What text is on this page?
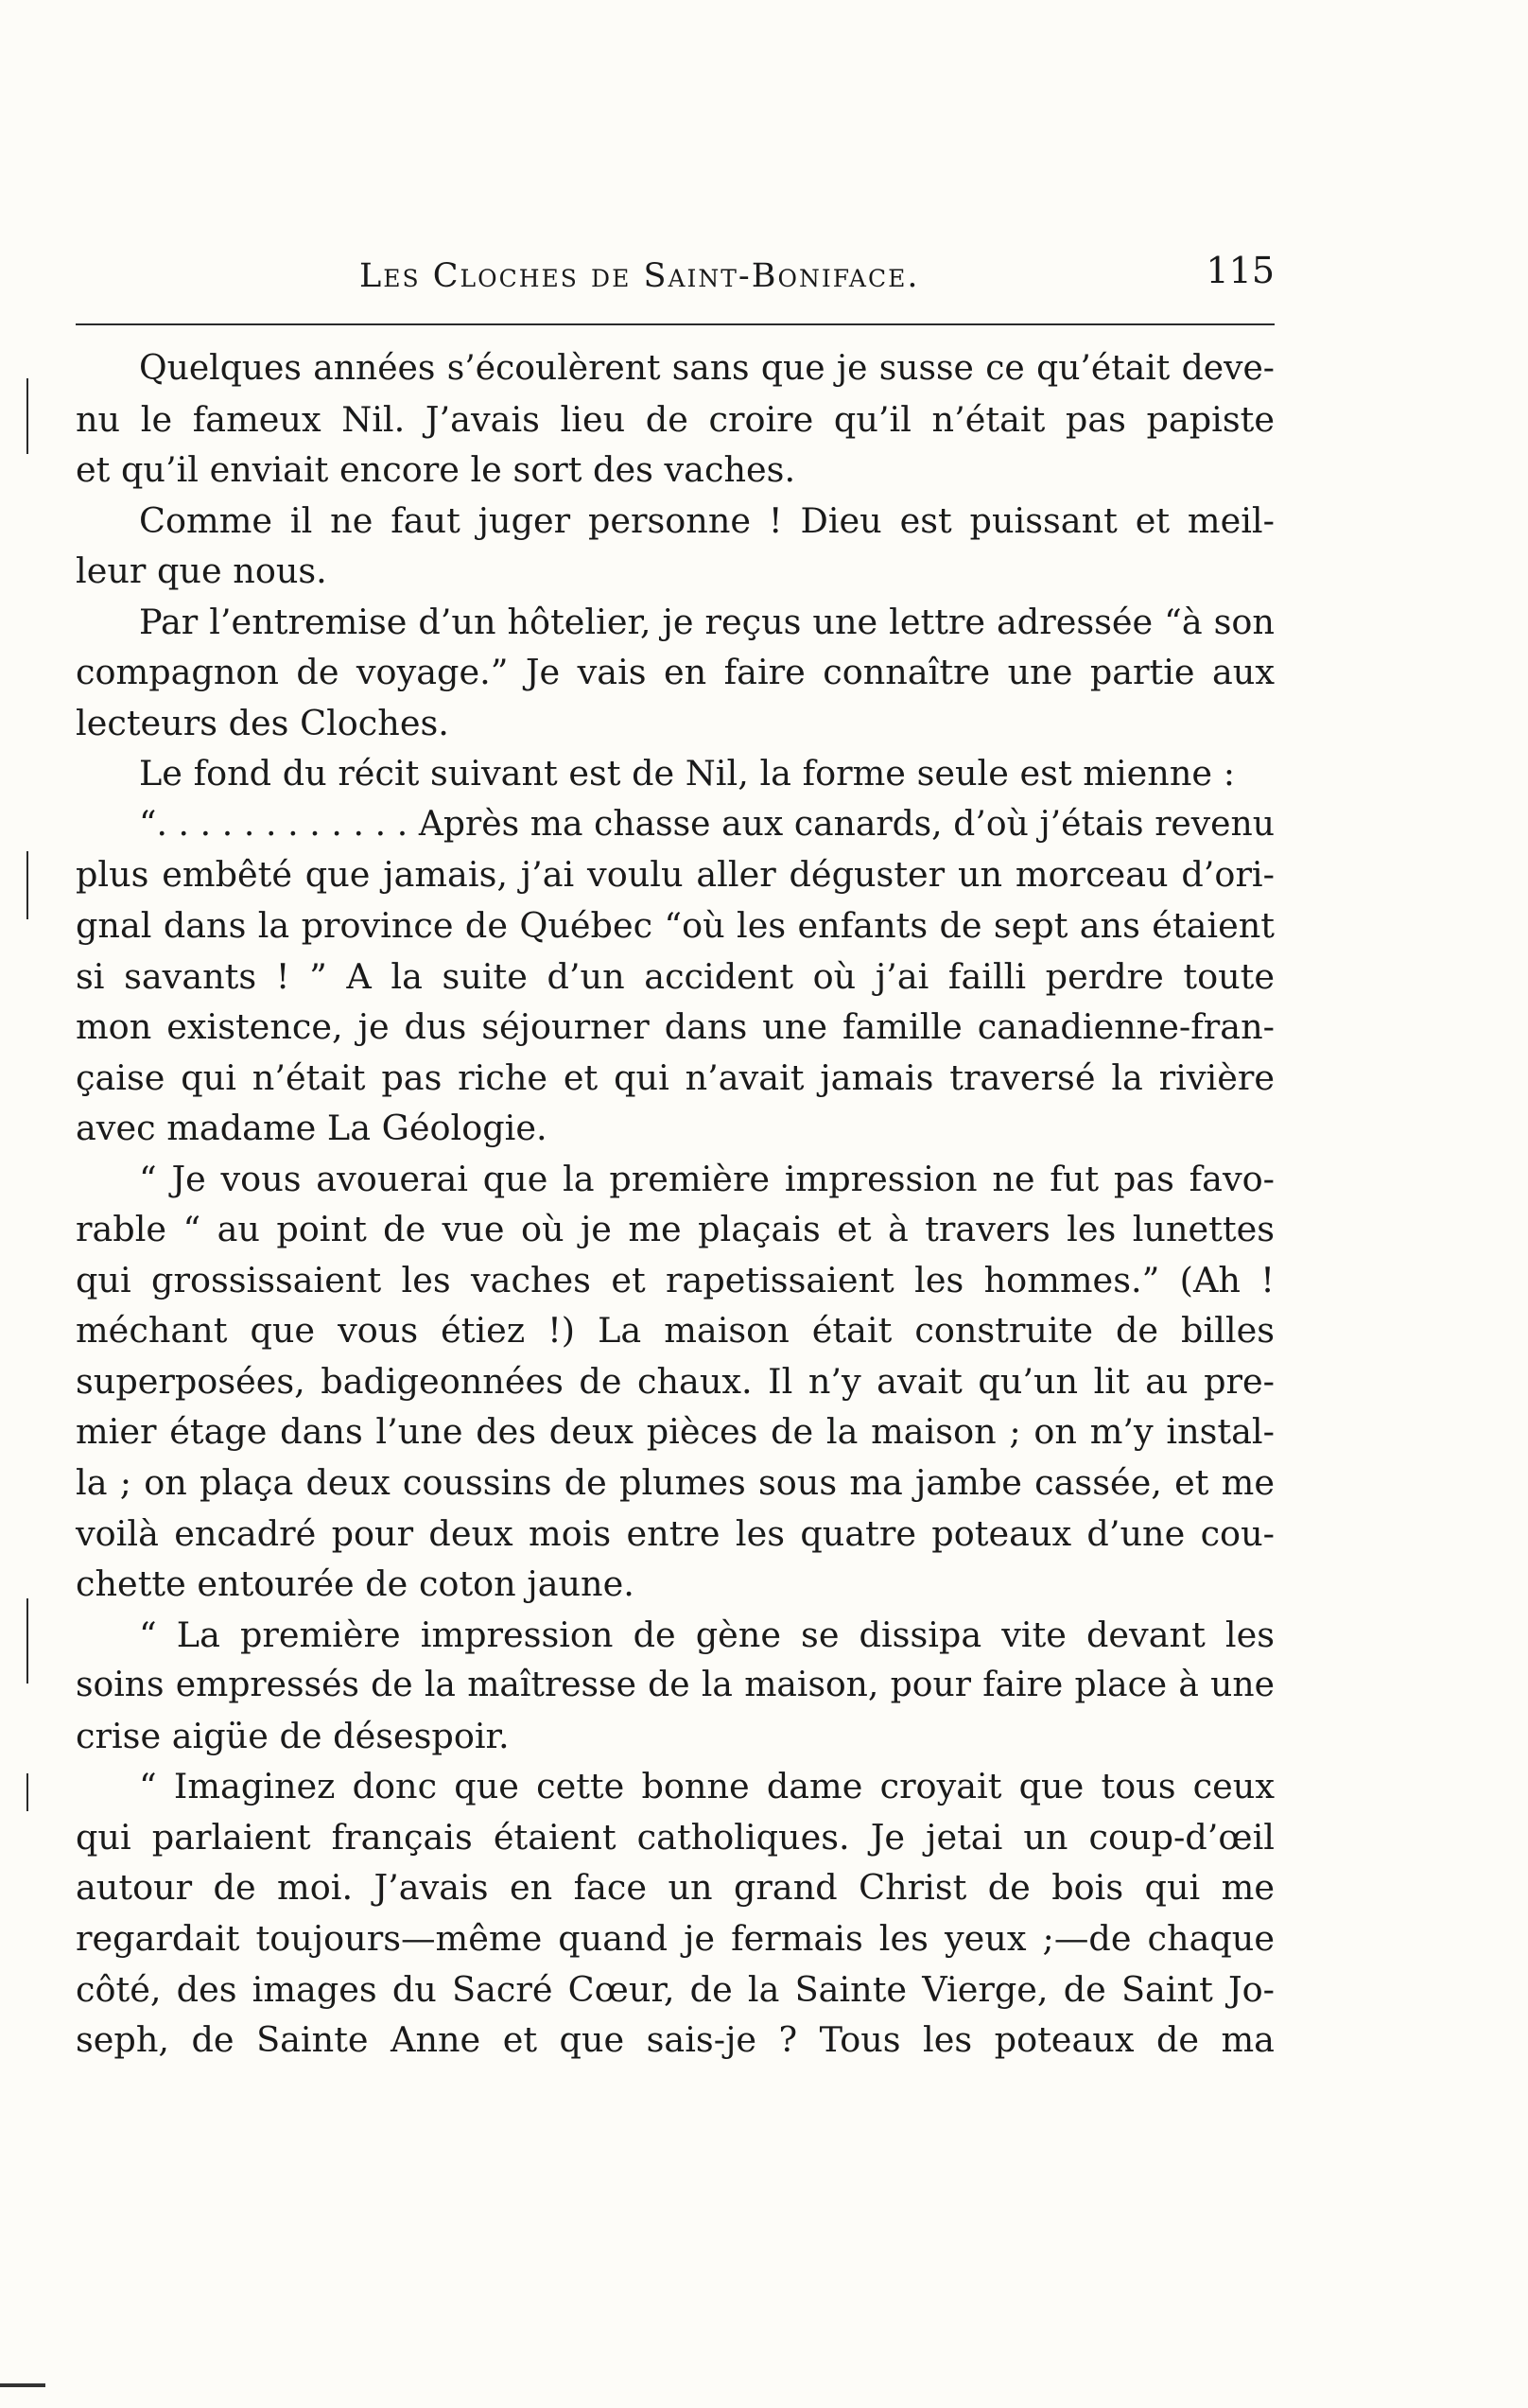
Les Cloches de Saint-Boniface.	115
Quelques années s’écoulèrent sans que je susse ce qu’était deve-
nu le fameux Nil. J’avais lieu de croire qu’il n’était pas papiste
et qu’il enviait encore le sort des vaches.
Comme il ne faut juger personne ! Dieu est puissant et meil-
leur que nous.
Par l’entremise d’un hôtelier, je reçus une lettre adressée “à son
compagnon de voyage.” Je vais en faire connaître une partie aux
lecteurs des Cloches.
Le fond du récit suivant est de Nil, la forme seule est mienne :
“. . . . . . . . . . . . Après ma chasse aux canards, d’où j’étais revenu
plus embêté que jamais, j’ai voulu aller déguster un morceau d’ori-
gnal dans la province de Québec “où les enfants de sept ans étaient
si savants ! ” A la suite d’un accident où j’ai failli perdre toute
mon existence, je dus séjourner dans une famille canadienne-fran-
çaise qui n’était pas riche et qui n’avait jamais traversé la rivière
avec madame La Géologie.
“ Je vous avouerai que la première impression ne fut pas favo-
rable “ au point de vue où je me plaçais et à travers les lunettes
qui grossissaient les vaches et rapetissaient les hommes.” (Ah !
méchant que vous étiez !) La maison était construite de billes
superposées, badigeonnées de chaux. Il n’y avait qu’un lit au pre-
mier étage dans l’une des deux pièces de la maison ; on m’y instal-
la ; on plaça deux coussins de plumes sous ma jambe cassée, et me
voilà encadré pour deux mois entre les quatre poteaux d’une cou-
chette entourée de coton jaune.
“ La première impression de gène se dissipa vite devant les
soins empressés de la maîtresse de la maison, pour faire place à une
crise aigüe de désespoir.
“ Imaginez donc que cette bonne dame croyait que tous ceux
qui parlaient français étaient catholiques. Je jetai un coup-d’œil
autour de moi. J’avais en face un grand Christ de bois qui me
regardait toujours—même quand je fermais les yeux ;—de chaque
côté, des images du Sacré Cœur, de la Sainte Vierge, de Saint Jo-
seph, de Sainte Anne et que sais-je ? Tous les poteaux de ma
